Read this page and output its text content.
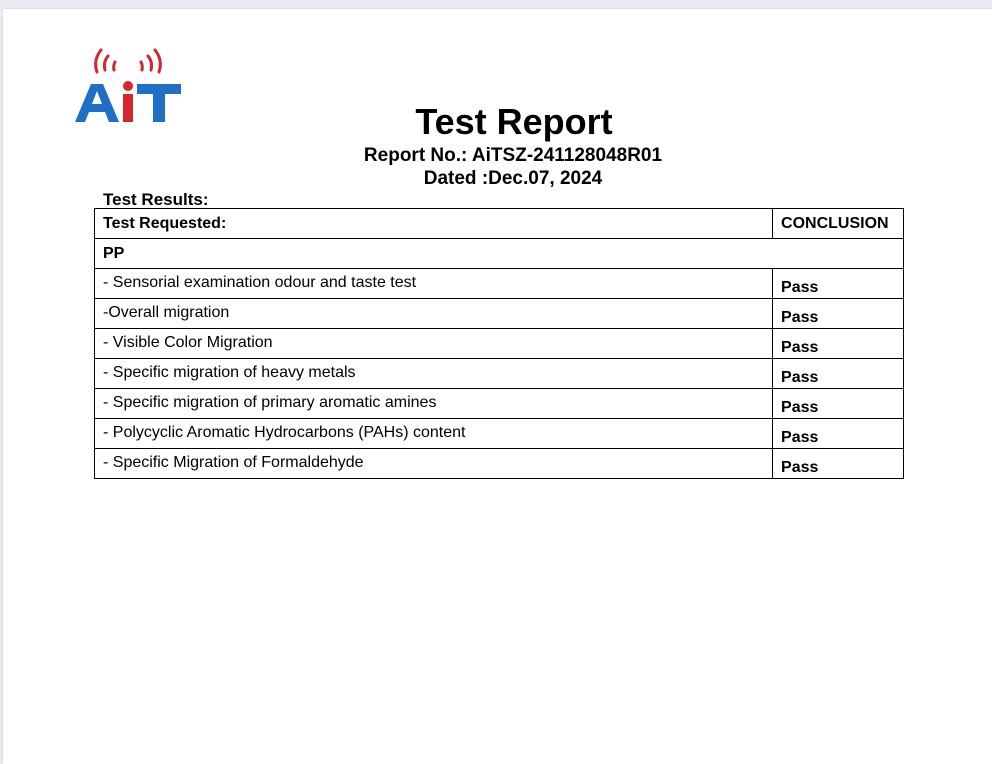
Test Report
Report No.: AiTSZ-241128048R01
Dated :Dec.07, 2024
Test Results:
Test Requested:	CONCLUSION
PP	
- Sensorial examination odour and taste test	Pass
-Overall migration	Pass
- Visible Color Migration	Pass
- Specific migration of heavy metals	Pass
- Specific migration of primary aromatic amines	Pass
- Polycyclic Aromatic Hydrocarbons (PAHs) content	Pass
- Specific Migration of Formaldehyde	Pass
